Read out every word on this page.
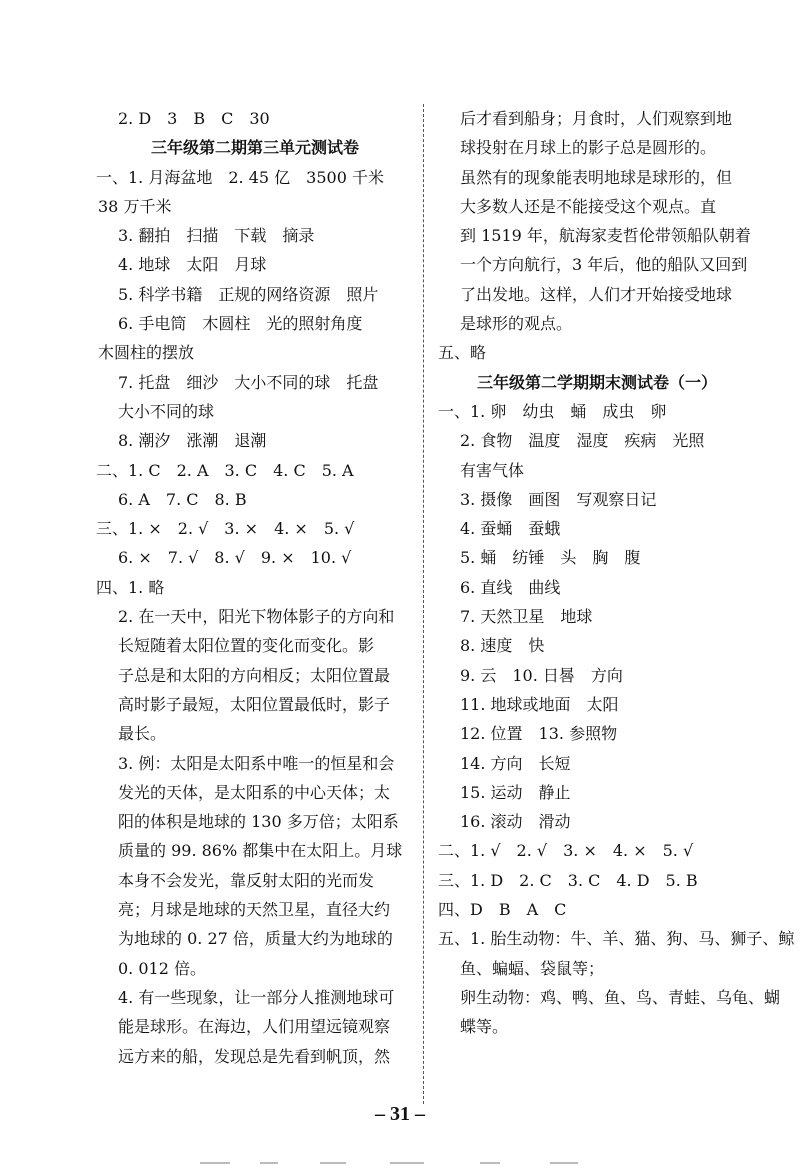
2. D　3　B　C　30
三年级第二期第三单元测试卷
一、1. 月海盆地　2. 45 亿　3500 千米
38 万千米
3. 翻拍　扫描　下载　摘录
4. 地球　太阳　月球
5. 科学书籍　正规的网络资源　照片
6. 手电筒　木圆柱　光的照射角度
木圆柱的摆放
7. 托盘　细沙　大小不同的球　托盘
大小不同的球
8. 潮汐　涨潮　退潮
二、1. C　2. A　3. C　4. C　5. A
6. A　7. C　8. B
三、1. ×　2. √　3. ×　4. ×　5. √
6. ×　7. √　8. √　9. ×　10. √
四、1. 略
2. 在一天中，阳光下物体影子的方向和
长短随着太阳位置的变化而变化。影
子总是和太阳的方向相反；太阳位置最
高时影子最短，太阳位置最低时，影子
最长。
3. 例：太阳是太阳系中唯一的恒星和会
发光的天体，是太阳系的中心天体；太
阳的体积是地球的 130 多万倍；太阳系
质量的 99. 86% 都集中在太阳上。月球
本身不会发光，靠反射太阳的光而发
亮；月球是地球的天然卫星，直径大约
为地球的 0. 27 倍，质量大约为地球的
0. 012 倍。
4. 有一些现象，让一部分人推测地球可
能是球形。在海边，人们用望远镜观察
远方来的船，发现总是先看到帆顶，然
后才看到船身；月食时，人们观察到地
球投射在月球上的影子总是圆形的。
虽然有的现象能表明地球是球形的，但
大多数人还是不能接受这个观点。直
到 1519 年，航海家麦哲伦带领船队朝着
一个方向航行，3 年后，他的船队又回到
了出发地。这样，人们才开始接受地球
是球形的观点。
五、略
三年级第二学期期末测试卷（一）
一、1. 卵　幼虫　蛹　成虫　卵
2. 食物　温度　湿度　疾病　光照
有害气体
3. 摄像　画图　写观察日记
4. 蚕蛹　蚕蛾
5. 蛹　纺锤　头　胸　腹
6. 直线　曲线
7. 天然卫星　地球
8. 速度　快
9. 云　10. 日晷　方向
11. 地球或地面　太阳
12. 位置　13. 参照物
14. 方向　长短
15. 运动　静止
16. 滚动　滑动
二、1. √　2. √　3. ×　4. ×　5. √
三、1. D　2. C　3. C　4. D　5. B
四、D　B　A　C
五、1. 胎生动物：牛、羊、猫、狗、马、狮子、鲸
鱼、蝙蝠、袋鼠等；
卵生动物：鸡、鸭、鱼、鸟、青蛙、乌龟、蝴
蝶等。
– 31 –
